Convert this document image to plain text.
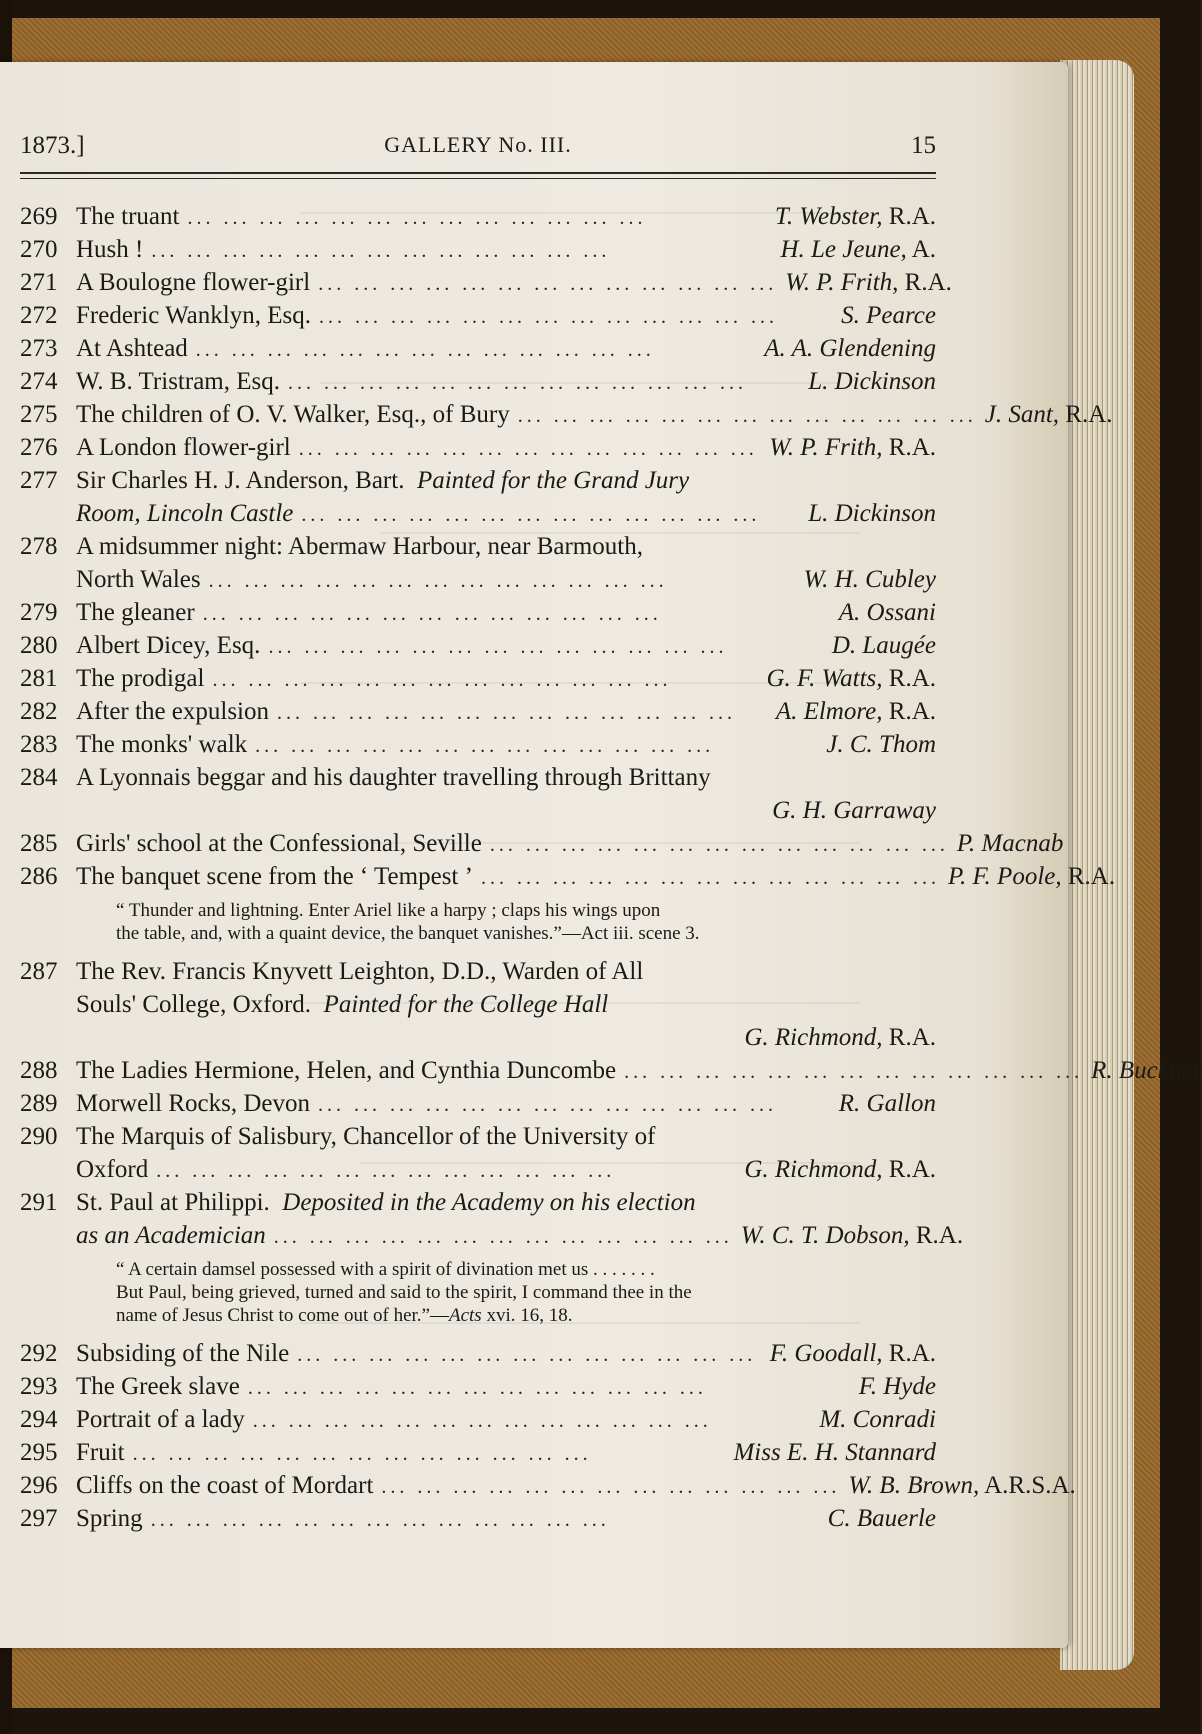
GALLERY No. III.
1873.]	15
269 The truant ... ... ... ... ... ... ... ... ... ... ... ... ...	T. Webster, R.A.
270 Hush ! ... ... ... ... ... ... ... ... ... ... ... ... ...	H. Le Jeune, A.
271 A Boulogne flower-girl ... ... ... ... ... ... ... ... ... ... ... ... ... W. P. Frith, R.A.
272 Frederic Wanklyn, Esq. ... ... ... ... ... ... ... ... ... ... ... ... ...	S. Pearce
273 At Ashtead ... ... ... ... ... ... ... ... ... ... ... ... ...	A. A. Glendening
274 W. B. Tristram, Esq. ... ... ... ... ... ... ... ... ... ... ... ... ...	L. Dickinson
275 The children of O. V. Walker, Esq., of Bury ... ... ... ... ... ... ... ... ... ... ... ... ... J. Sant, R.A.
276 A London flower-girl ... ... ... ... ... ... ... ... ... ... ... ... ... W. P. Frith, R.A.
277 Sir Charles H. J. Anderson, Bart. Painted for the Grand Jury
Room, Lincoln Castle ... ... ... ... ... ... ... ... ... ... ... ... ...	L. Dickinson
278 A midsummer night: Abermaw Harbour, near Barmouth,
North Wales ... ... ... ... ... ... ... ... ... ... ... ... ...	W. H. Cubley
279 The gleaner ... ... ... ... ... ... ... ... ... ... ... ... ...	A. Ossani
280 Albert Dicey, Esq. ... ... ... ... ... ... ... ... ... ... ... ... ...	D. Laugée
281 The prodigal ... ... ... ... ... ... ... ... ... ... ... ... ...	G. F. Watts, R.A.
282 After the expulsion ... ... ... ... ... ... ... ... ... ... ... ... ...	A. Elmore, R.A.
283 The monks' walk ... ... ... ... ... ... ... ... ... ... ... ... ...	J. C. Thom
284 A Lyonnais beggar and his daughter travelling through Brittany
G. H. Garraway
285 Girls' school at the Confessional, Seville ... ... ... ... ... ... ... ... ... ... ... ... ... P. Macnab
286 The banquet scene from the ‘ Tempest ’ ... ... ... ... ... ... ... ... ... ... ... ... ... P. F. Poole, R.A.
“ Thunder and lightning. Enter Ariel like a harpy ; claps his wings upon
the table, and, with a quaint device, the banquet vanishes.”—Act iii. scene 3.
287 The Rev. Francis Knyvett Leighton, D.D., Warden of All
Souls' College, Oxford. Painted for the College Hall
G. Richmond, R.A.
288 The Ladies Hermione, Helen, and Cynthia Duncombe ... ... ... ... ... ... ... ... ... ... ... ... ... R. Buckner
289 Morwell Rocks, Devon ... ... ... ... ... ... ... ... ... ... ... ... ...	R. Gallon
290 The Marquis of Salisbury, Chancellor of the University of
Oxford ... ... ... ... ... ... ... ... ... ... ... ... ...	G. Richmond, R.A.
291 St. Paul at Philippi. Deposited in the Academy on his election
as an Academician ... ... ... ... ... ... ... ... ... ... ... ... ... W. C. T. Dobson, R.A.
“ A certain damsel possessed with a spirit of divination met us . . . . . . .
But Paul, being grieved, turned and said to the spirit, I command thee in the
name of Jesus Christ to come out of her.”—Acts xvi. 16, 18.
292 Subsiding of the Nile ... ... ... ... ... ... ... ... ... ... ... ... ... F. Goodall, R.A.
293 The Greek slave ... ... ... ... ... ... ... ... ... ... ... ... ...	F. Hyde
294 Portrait of a lady ... ... ... ... ... ... ... ... ... ... ... ... ...	M. Conradi
295 Fruit ... ... ... ... ... ... ... ... ... ... ... ... ...	Miss E. H. Stannard
296 Cliffs on the coast of Mordart ... ... ... ... ... ... ... ... ... ... ... ... ... W. B. Brown, A.R.S.A.
297 Spring ... ... ... ... ... ... ... ... ... ... ... ... ...	C. Bauerle
